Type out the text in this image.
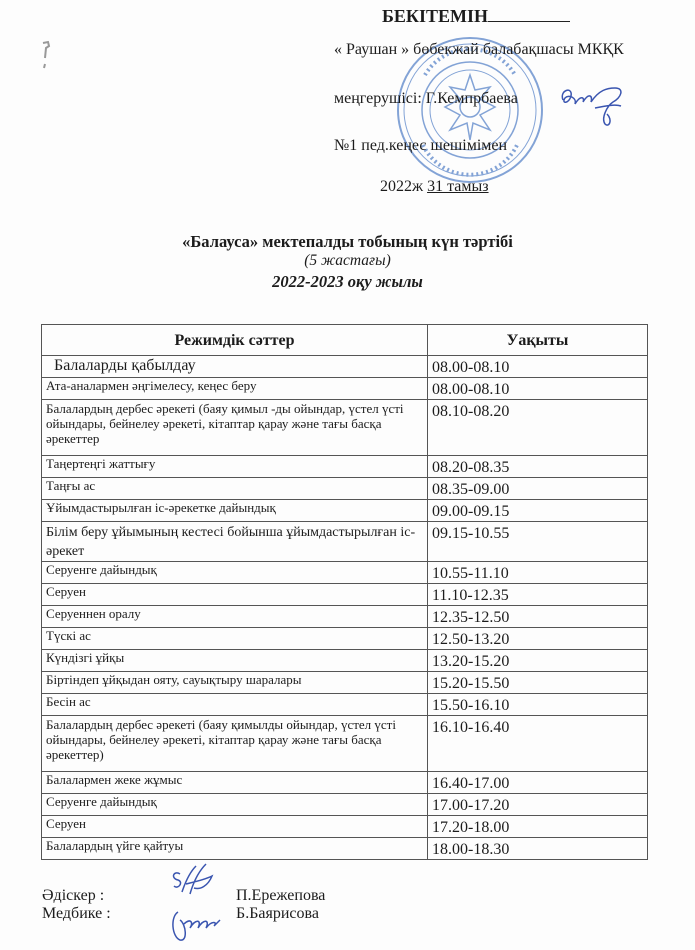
БЕКІТЕМІН
« Раушан » бөбекжай балабақшасы МКҚК
меңгерушісі: Г.Кемпрбаева
№1 пед.кеңес шешімімен
2022ж 31 тамыз
«Балауса» мектепалды тобының күн тәртібі
(5 жастағы)
2022-2023 оқу жылы
Режимдік сәттер	Уақыты
Балаларды қабылдау	08.00-08.10
Ата-аналармен әңгімелесу, кеңес беру	08.00-08.10
Балалардың дербес әрекеті (баяу қимыл -ды ойындар, үстел үсті ойындары, бейнелеу әрекеті, кітаптар қарау және тағы басқа әрекеттер	08.10-08.20
Таңертеңгі жаттығу	08.20-08.35
Таңғы ас	08.35-09.00
Ұйымдастырылған іс-әрекетке дайындық	09.00-09.15
Білім беру ұйымының кестесі бойынша ұйымдастырылған іс-әрекет	09.15-10.55
Серуенге дайындық	10.55-11.10
Серуен	11.10-12.35
Серуеннен оралу	12.35-12.50
Түскі ас	12.50-13.20
Күндізгі ұйқы	13.20-15.20
Біртіндеп ұйқыдан ояту, сауықтыру шаралары	15.20-15.50
Бесін ас	15.50-16.10
Балалардың дербес әрекеті (баяу қимылды ойындар, үстел үсті ойындары, бейнелеу әрекеті, кітаптар қарау және тағы басқа әрекеттер)	16.10-16.40
Балалармен жеке жұмыс	16.40-17.00
Серуенге дайындық	17.00-17.20
Серуен	17.20-18.00
Балалардың үйге қайтуы	18.00-18.30
Әдіскер :
Медбике :
П.Ережепова
Б.Баярисова
